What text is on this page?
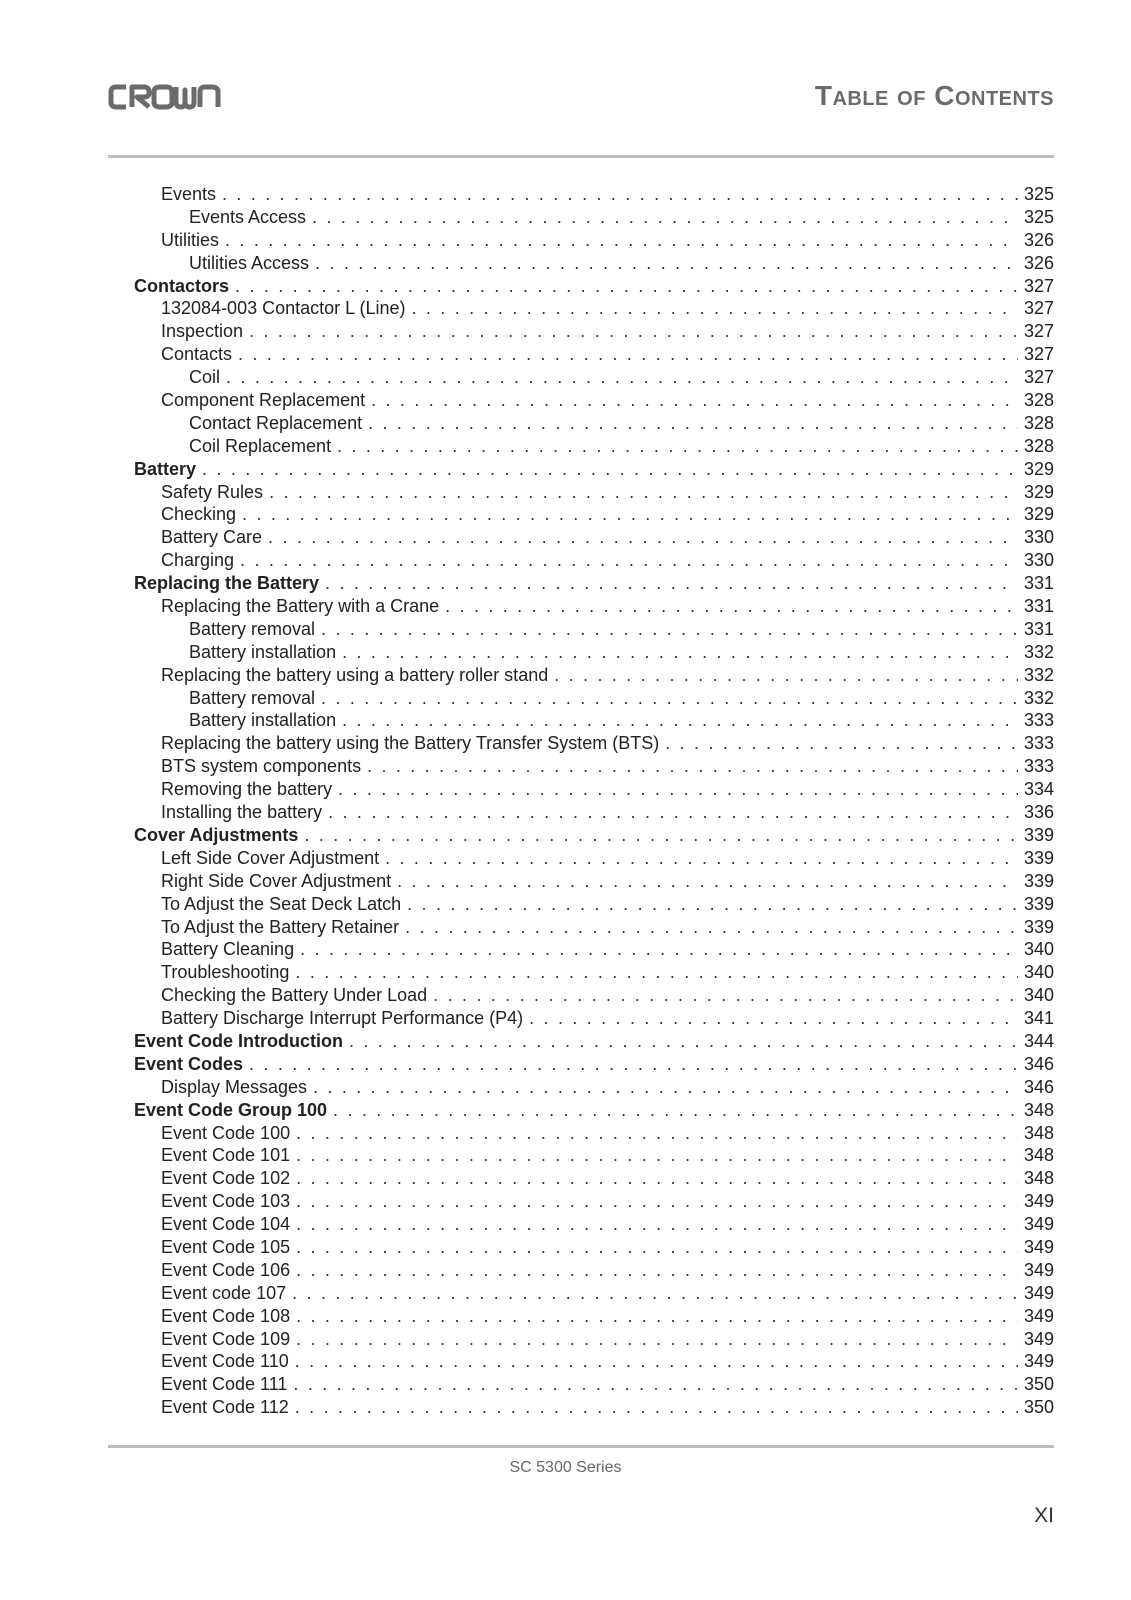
Table of Contents
Events . . .	325
Events Access . . .	325
Utilities . . .	326
Utilities Access . . .	326
Contactors . . .	327
132084-003 Contactor L (Line) . . .	327
Inspection . . .	327
Contacts . . .	327
Coil . . .	327
Component Replacement . . .	328
Contact Replacement . . .	328
Coil Replacement . . .	328
Battery . . .	329
Safety Rules . . .	329
Checking . . .	329
Battery Care . . .	330
Charging . . .	330
Replacing the Battery . . .	331
Replacing the Battery with a Crane . . .	331
Battery removal . . .	331
Battery installation . . .	332
Replacing the battery using a battery roller stand . . .	332
Battery removal . . .	332
Battery installation . . .	333
Replacing the battery using the Battery Transfer System (BTS) . . .	333
BTS system components . . .	333
Removing the battery . . .	334
Installing the battery . . .	336
Cover Adjustments . . .	339
Left Side Cover Adjustment . . .	339
Right Side Cover Adjustment . . .	339
To Adjust the Seat Deck Latch . . .	339
To Adjust the Battery Retainer . . .	339
Battery Cleaning . . .	340
Troubleshooting . . .	340
Checking the Battery Under Load . . .	340
Battery Discharge Interrupt Performance (P4) . . .	341
Event Code Introduction . . .	344
Event Codes . . .	346
Display Messages . . .	346
Event Code Group 100 . . .	348
Event Code 100 . . .	348
Event Code 101 . . .	348
Event Code 102 . . .	348
Event Code 103 . . .	349
Event Code 104 . . .	349
Event Code 105 . . .	349
Event Code 106 . . .	349
Event code 107 . . .	349
Event Code 108 . . .	349
Event Code 109 . . .	349
Event Code 110 . . .	349
Event Code 111 . . .	350
Event Code 112 . . .	350
SC 5300 Series
XI
